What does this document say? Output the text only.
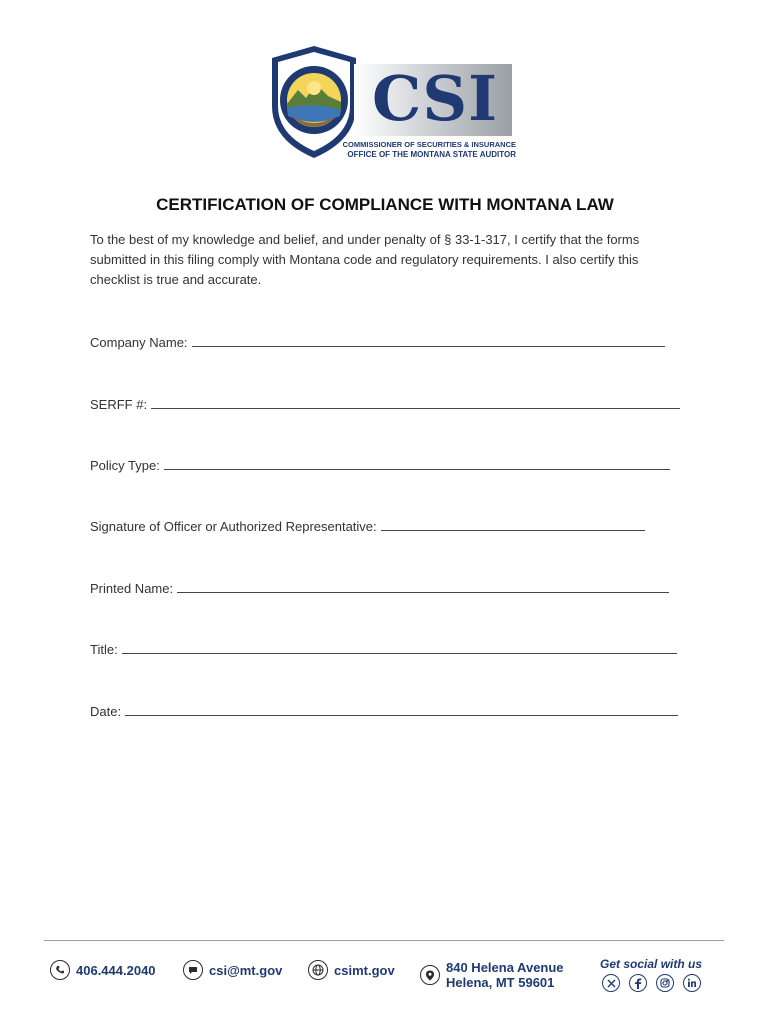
CSI
COMMISSIONER OF SECURITIES & INSURANCE
OFFICE OF THE MONTANA STATE AUDITOR
CERTIFICATION OF COMPLIANCE WITH MONTANA LAW

To the best of my knowledge and belief, and under penalty of § 33-1-317, I certify that the forms submitted in this filing comply with Montana code and regulatory requirements. I also certify this checklist is true and accurate.

Company Name:
SERFF #:
Policy Type:
Signature of Officer or Authorized Representative:
Printed Name:
Title:
Date:
406.444.2040	csi@mt.gov	csimt.gov	840 Helena Avenue
Helena, MT 59601
Get social with us
